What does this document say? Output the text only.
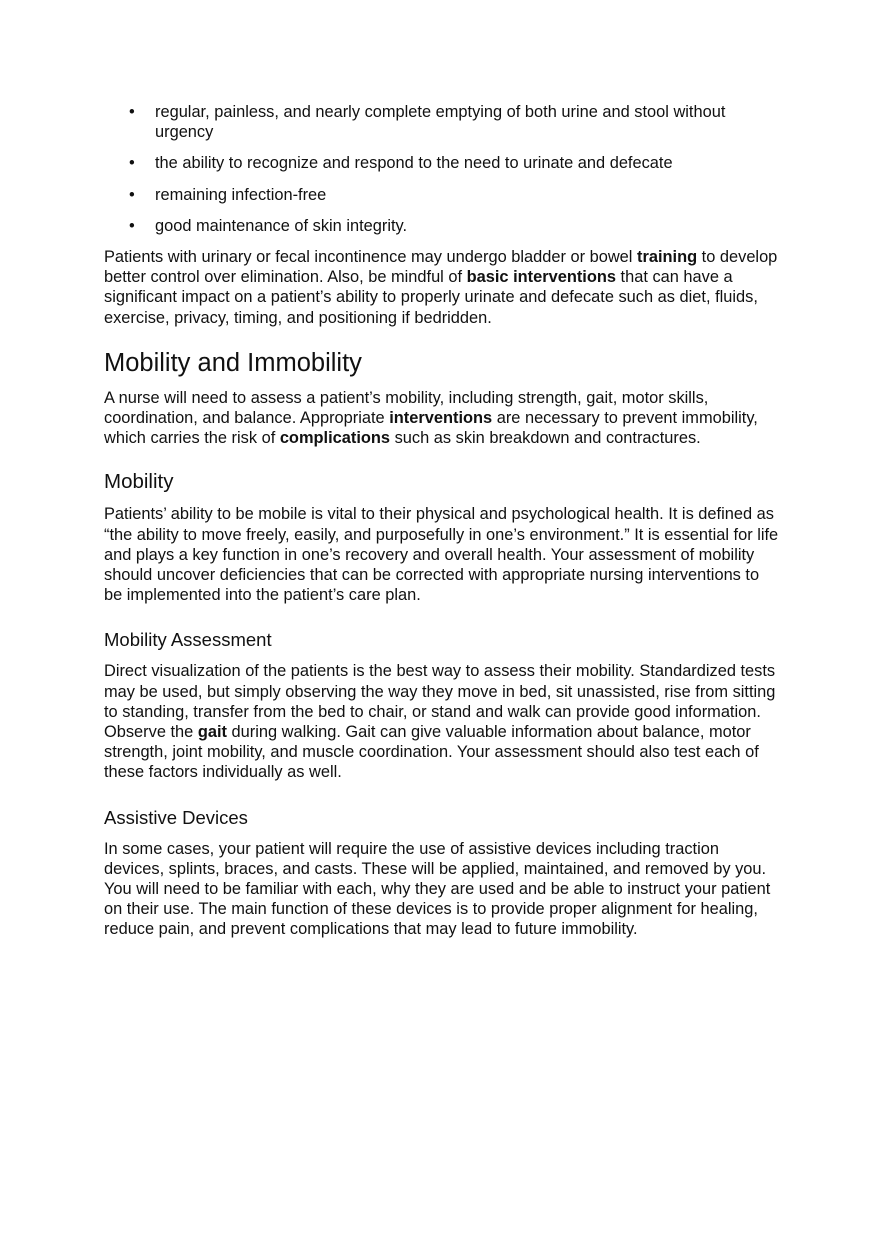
• regular, painless, and nearly complete emptying of both urine and stool without urgency
• the ability to recognize and respond to the need to urinate and defecate
• remaining infection-free
• good maintenance of skin integrity.

Patients with urinary or fecal incontinence may undergo bladder or bowel training to develop better control over elimination. Also, be mindful of basic interventions that can have a significant impact on a patient’s ability to properly urinate and defecate such as diet, fluids, exercise, privacy, timing, and positioning if bedridden.

Mobility and Immobility

A nurse will need to assess a patient’s mobility, including strength, gait, motor skills, coordination, and balance. Appropriate interventions are necessary to prevent immobility, which carries the risk of complications such as skin breakdown and contractures.

Mobility

Patients’ ability to be mobile is vital to their physical and psychological health. It is defined as “the ability to move freely, easily, and purposefully in one’s environment.” It is essential for life and plays a key function in one’s recovery and overall health. Your assessment of mobility should uncover deficiencies that can be corrected with appropriate nursing interventions to be implemented into the patient’s care plan.

Mobility Assessment

Direct visualization of the patients is the best way to assess their mobility. Standardized tests may be used, but simply observing the way they move in bed, sit unassisted, rise from sitting to standing, transfer from the bed to chair, or stand and walk can provide good information. Observe the gait during walking. Gait can give valuable information about balance, motor strength, joint mobility, and muscle coordination. Your assessment should also test each of these factors individually as well.

Assistive Devices

In some cases, your patient will require the use of assistive devices including traction devices, splints, braces, and casts. These will be applied, maintained, and removed by you. You will need to be familiar with each, why they are used and be able to instruct your patient on their use. The main function of these devices is to provide proper alignment for healing, reduce pain, and prevent complications that may lead to future immobility.
